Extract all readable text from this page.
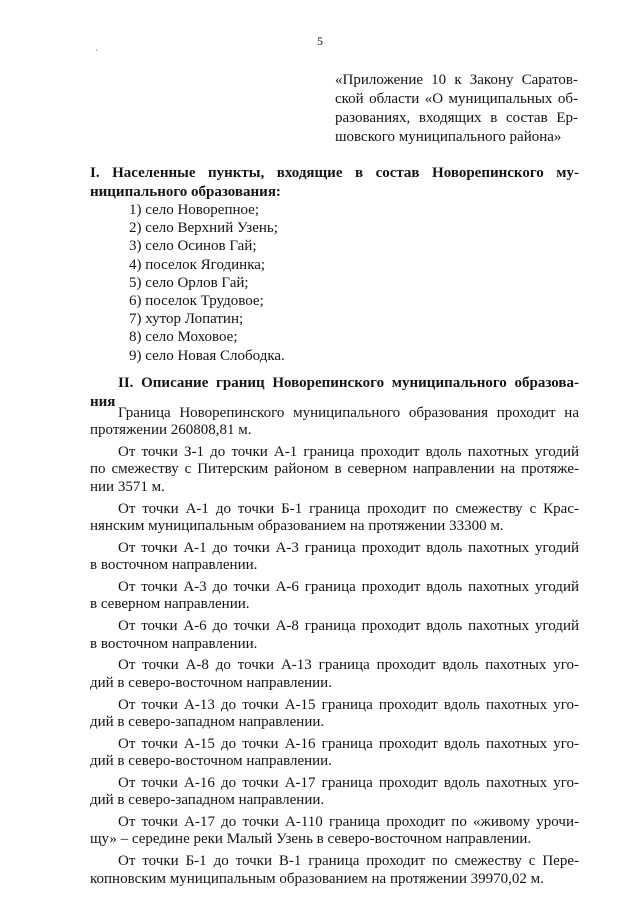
5
«Приложение 10 к Закону Саратов-
ской области «О муниципальных об-
разованиях, входящих в состав Ер-
шовского муниципального района»
I. Населенные пункты, входящие в состав Новорепинского му-
ниципального образования:
1) село Новорепное;
2) село Верхний Узень;
3) село Осинов Гай;
4) поселок Ягодинка;
5) село Орлов Гай;
6) поселок Трудовое;
7) хутор Лопатин;
8) село Моховое;
9) село Новая Слободка.
II. Описание границ Новорепинского муниципального образова-
ния
Граница Новорепинского муниципального образования проходит на
протяжении 260808,81 м.
От точки З-1 до точки А-1 граница проходит вдоль пахотных угодий
по смежеству с Питерским районом в северном направлении на протяже-
нии 3571 м.
От точки А-1 до точки Б-1 граница проходит по смежеству с Крас-
нянским муниципальным образованием на протяжении 33300 м.
От точки А-1 до точки А-3 граница проходит вдоль пахотных угодий
в восточном направлении.
От точки А-3 до точки А-6 граница проходит вдоль пахотных угодий
в северном направлении.
От точки А-6 до точки А-8 граница проходит вдоль пахотных угодий
в восточном направлении.
От точки А-8 до точки А-13 граница проходит вдоль пахотных уго-
дий в северо-восточном направлении.
От точки А-13 до точки А-15 граница проходит вдоль пахотных уго-
дий в северо-западном направлении.
От точки А-15 до точки А-16 граница проходит вдоль пахотных уго-
дий в северо-восточном направлении.
От точки А-16 до точки А-17 граница проходит вдоль пахотных уго-
дий в северо-западном направлении.
От точки А-17 до точки А-110 граница проходит по «живому урочи-
щу» – середине реки Малый Узень в северо-восточном направлении.
От точки Б-1 до точки В-1 граница проходит по смежеству с Пере-
копновским муниципальным образованием на протяжении 39970,02 м.
